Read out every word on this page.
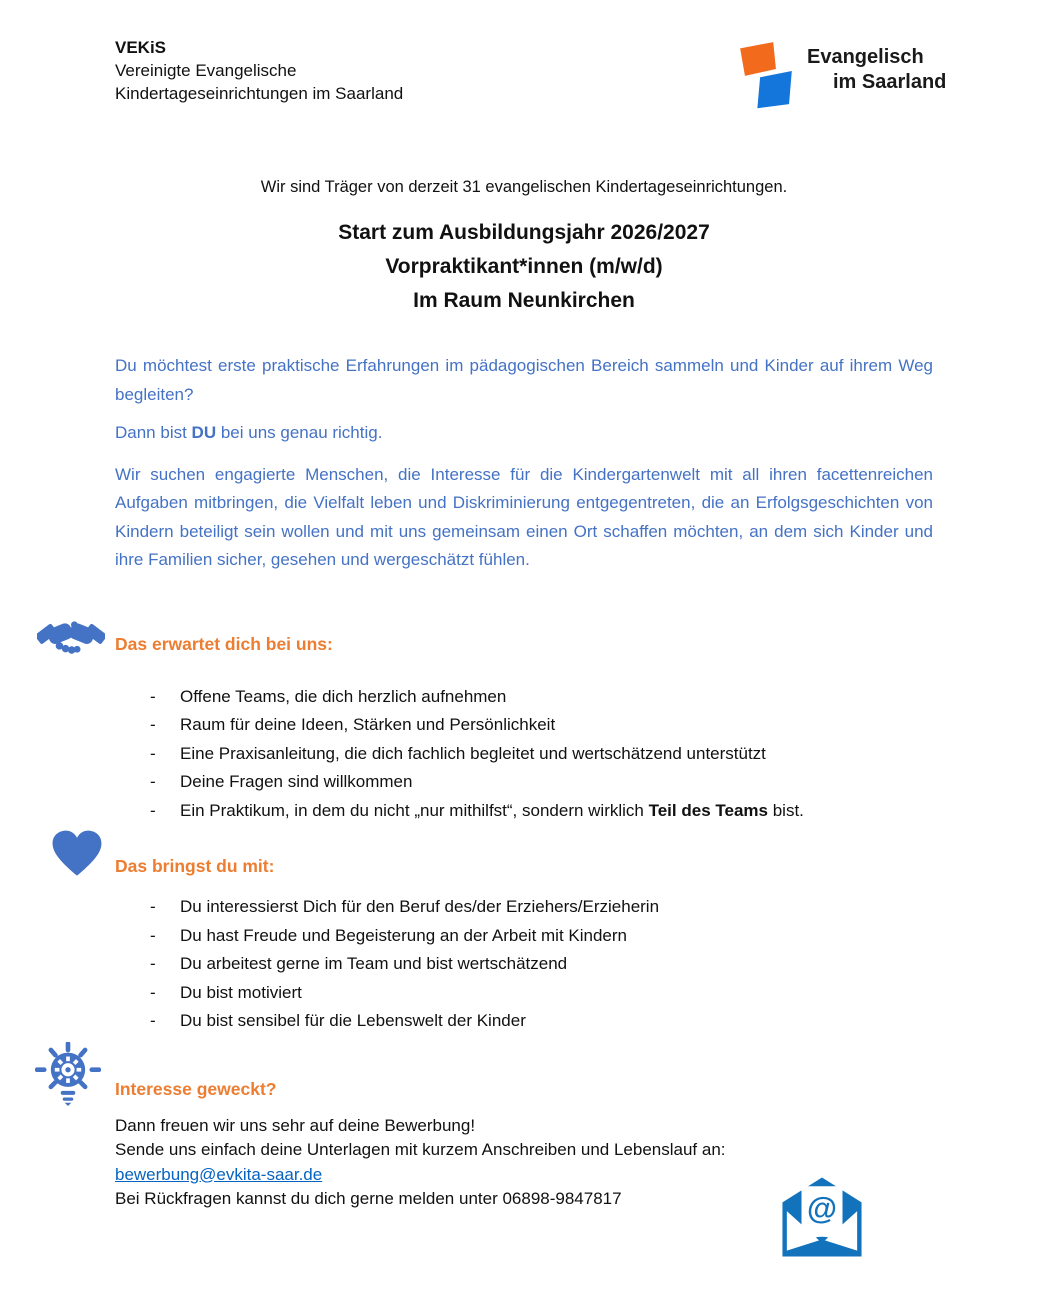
VEKiS
Vereinigte Evangelische
Kindertageseinrichtungen im Saarland
Evangelisch
im Saarland
Wir sind Träger von derzeit 31 evangelischen Kindertageseinrichtungen.
Start zum Ausbildungsjahr 2026/2027
Vorpraktikant*innen (m/w/d)
Im Raum Neunkirchen

Du möchtest erste praktische Erfahrungen im pädagogischen Bereich sammeln und Kinder auf ihrem Weg begleiten?

Dann bist DU bei uns genau richtig.

Wir suchen engagierte Menschen, die Interesse für die Kindergartenwelt mit all ihren facettenreichen Aufgaben mitbringen, die Vielfalt leben und Diskriminierung entgegentreten, die an Erfolgsgeschichten von Kindern beteiligt sein wollen und mit uns gemeinsam einen Ort schaffen möchten, an dem sich Kinder und ihre Familien sicher, gesehen und wergeschätzt fühlen.

Das erwartet dich bei uns:
-	Offene Teams, die dich herzlich aufnehmen
-	Raum für deine Ideen, Stärken und Persönlichkeit
-	Eine Praxisanleitung, die dich fachlich begleitet und wertschätzend unterstützt
-	Deine Fragen sind willkommen
-	Ein Praktikum, in dem du nicht „nur mithilfst“, sondern wirklich Teil des Teams bist.
Das bringst du mit:
-	Du interessierst Dich für den Beruf des/der Erziehers/Erzieherin
-	Du hast Freude und Begeisterung an der Arbeit mit Kindern
-	Du arbeitest gerne im Team und bist wertschätzend
-	Du bist motiviert
-	Du bist sensibel für die Lebenswelt der Kinder
Interesse geweckt?
Dann freuen wir uns sehr auf deine Bewerbung!
Sende uns einfach deine Unterlagen mit kurzem Anschreiben und Lebenslauf an:
bewerbung@evkita-saar.de
Bei Rückfragen kannst du dich gerne melden unter 06898-9847817	@
